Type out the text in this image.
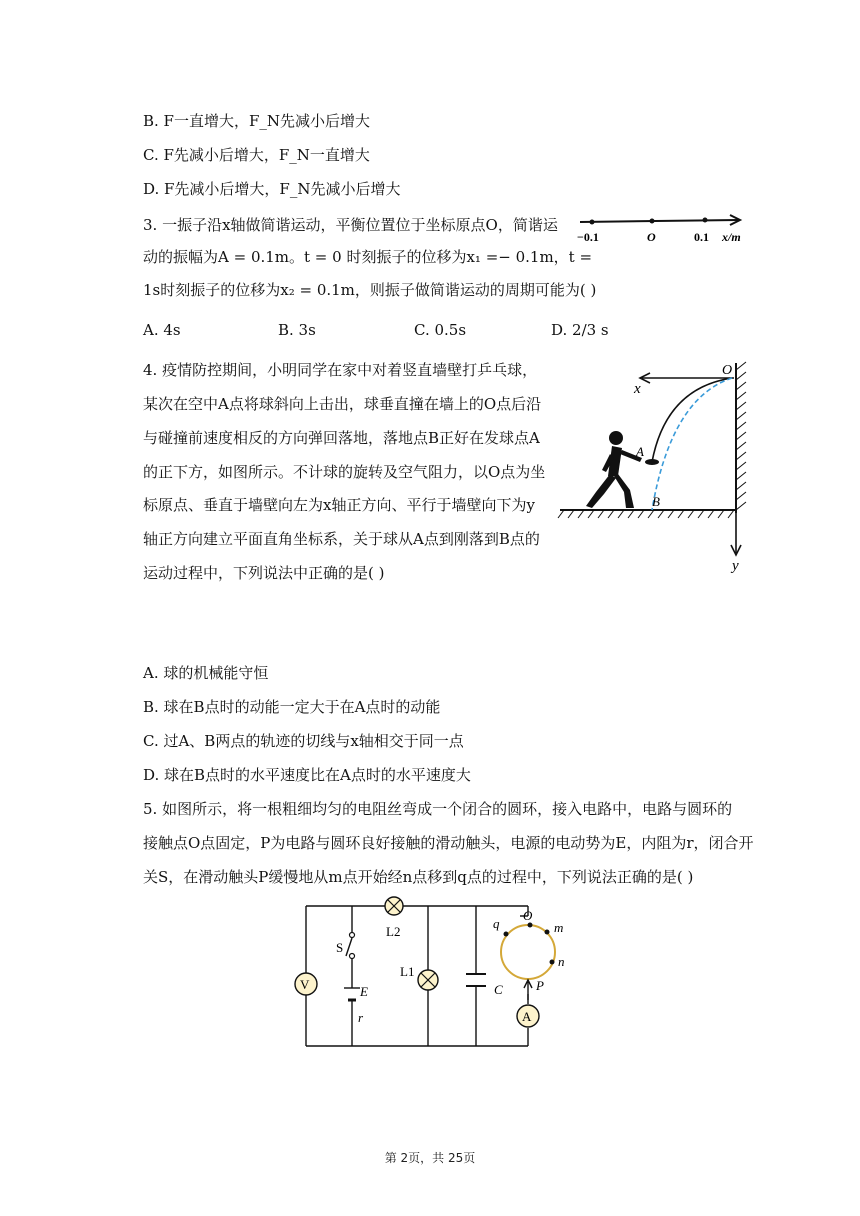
B. F一直增大，F_N先减小后增大
C. F先减小后增大，F_N一直增大
D. F先减小后增大，F_N先减小后增大
3. 一振子沿x轴做简谐运动，平衡位置位于坐标原点O，简谐运
动的振幅为A = 0.1m。t = 0 时刻振子的位移为x₁ =− 0.1m，t =
1s时刻振子的位移为x₂ = 0.1m，则振子做简谐运动的周期可能为( )
−0.1	O	0.1 x/m
A. 4s	B. 3s	C. 0.5s	D. 2/3 s
4. 疫情防控期间，小明同学在家中对着竖直墙壁打乒乓球，
某次在空中A点将球斜向上击出，球垂直撞在墙上的O点后沿
与碰撞前速度相反的方向弹回落地，落地点B正好在发球点A
的正下方，如图所示。不计球的旋转及空气阻力，以O点为坐
标原点、垂直于墙壁向左为x轴正方向、平行于墙壁向下为y
轴正方向建立平面直角坐标系，关于球从A点到刚落到B点的
运动过程中，下列说法中正确的是( )
O
x
A
B
y
A. 球的机械能守恒
B. 球在B点时的动能一定大于在A点时的动能
C. 过A、B两点的轨迹的切线与x轴相交于同一点
D. 球在B点时的水平速度比在A点时的水平速度大
5. 如图所示，将一根粗细均匀的电阻丝弯成一个闭合的圆环，接入电路中，电路与圆环的
接触点O点固定，P为电路与圆环良好接触的滑动触头，电源的电动势为E，内阻为r，闭合开
关S，在滑动触头P缓慢地从m点开始经n点移到q点的过程中，下列说法正确的是( )
V
A
S
E
r
L2
L1
C
O
m
n
q
P
第 2页，共 25页
